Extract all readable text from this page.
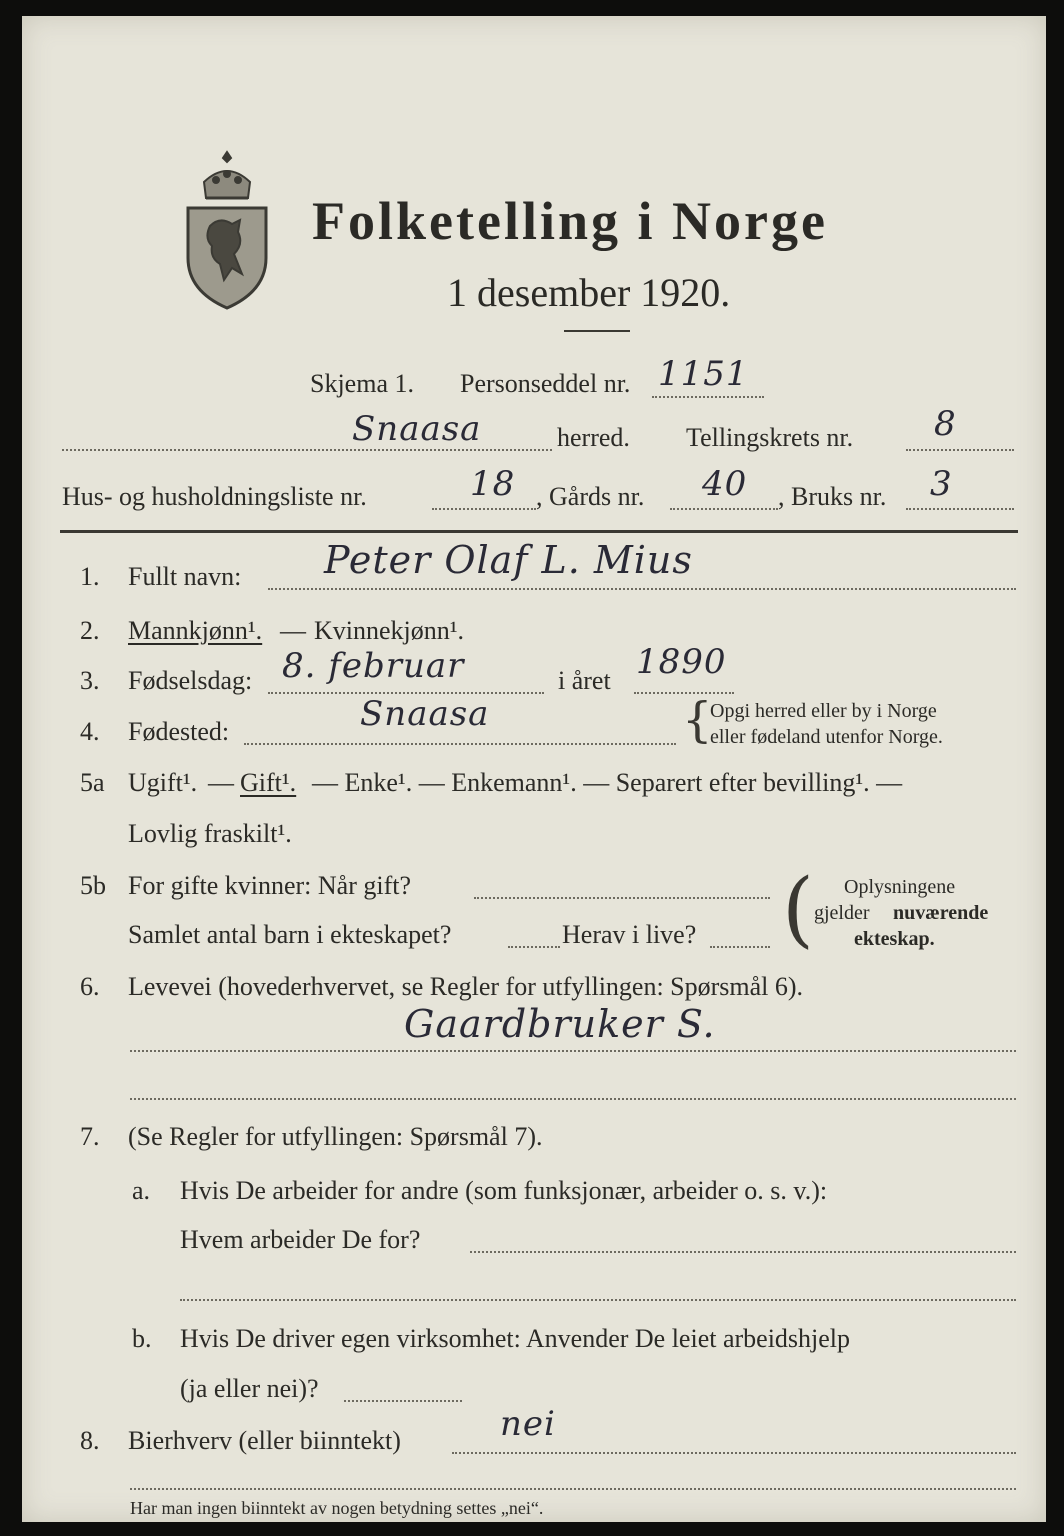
Folketelling i Norge
1 desember 1920.
Skjema 1. Personseddel nr. 1151
Snaasa	herred. Tellingskrets nr. 8
Hus- og husholdningsliste nr.	18 , Gårds nr. 40 , Bruks nr. 3
1. Fullt navn: Peter Olaf L. Mius
2. Mannkjønn¹. — Kvinnekjønn¹.
3. Fødselsdag: 8. februar	i året 1890
4. Fødested:	Snaasa	{
Opgi herred eller by i Norge
eller fødeland utenfor Norge.
5a Ugift¹. — Gift¹. — Enke¹. — Enkemann¹. — Separert efter bevilling¹. —
Lovlig fraskilt¹.
5b For gifte kvinner: Når gift?
Samlet antal barn i ekteskapet?	Herav i live? ( Oplysningene
gjelder nuværende
ekteskap.
6. Levevei (hovederhvervet, se Regler for utfyllingen: Spørsmål 6).
Gaardbruker S.
7. (Se Regler for utfyllingen: Spørsmål 7).
a. Hvis De arbeider for andre (som funksjonær, arbeider o. s. v.):
Hvem arbeider De for?
b. Hvis De driver egen virksomhet: Anvender De leiet arbeidshjelp
(ja eller nei)?
8. Bierhverv (eller biinntekt)	nei
Har man ingen biinntekt av nogen betydning settes „nei“.
